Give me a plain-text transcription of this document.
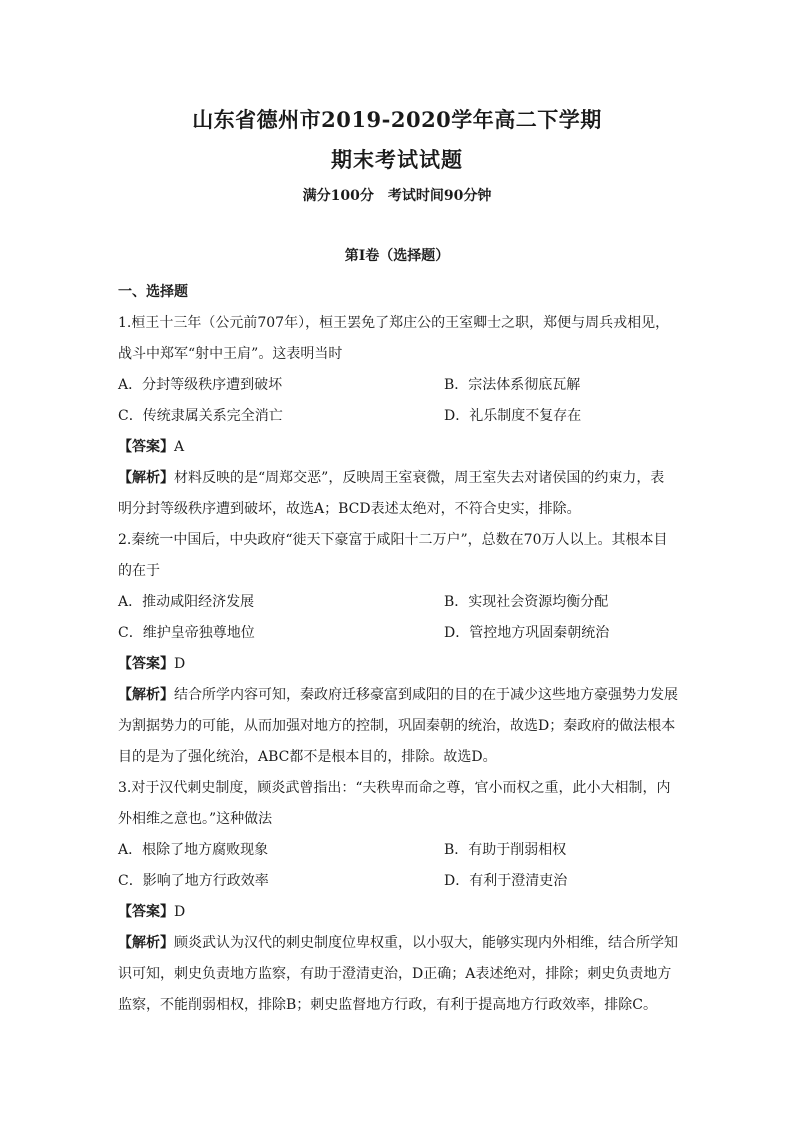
山东省德州市2019-2020学年高二下学期
期末考试试题
满分100分　考试时间90分钟
第Ⅰ卷（选择题）
一、选择题
1.桓王十三年（公元前707年），桓王罢免了郑庄公的王室卿士之职，郑便与周兵戎相见，
战斗中郑军“射中王肩”。这表明当时
A．分封等级秩序遭到破坏	B．宗法体系彻底瓦解
C．传统隶属关系完全消亡	D．礼乐制度不复存在
【答案】A
【解析】材料反映的是“周郑交恶”，反映周王室衰微，周王室失去对诸侯国的约束力，表
明分封等级秩序遭到破坏，故选A；BCD表述太绝对，不符合史实，排除。
2.秦统一中国后，中央政府“徙天下豪富于咸阳十二万户”，总数在70万人以上。其根本目
的在于
A．推动咸阳经济发展	B．实现社会资源均衡分配
C．维护皇帝独尊地位	D．管控地方巩固秦朝统治
【答案】D
【解析】结合所学内容可知，秦政府迁移豪富到咸阳的目的在于减少这些地方豪强势力发展
为割据势力的可能，从而加强对地方的控制，巩固秦朝的统治，故选D；秦政府的做法根本
目的是为了强化统治，ABC都不是根本目的，排除。故选D。
3.对于汉代刺史制度，顾炎武曾指出：“夫秩卑而命之尊，官小而权之重，此小大相制，内
外相维之意也。”这种做法
A．根除了地方腐败现象	B．有助于削弱相权
C．影响了地方行政效率	D．有利于澄清吏治
【答案】D
【解析】顾炎武认为汉代的刺史制度位卑权重，以小驭大，能够实现内外相维，结合所学知
识可知，刺史负责地方监察，有助于澄清吏治，D正确；A表述绝对，排除；刺史负责地方
监察，不能削弱相权，排除B；刺史监督地方行政，有利于提高地方行政效率，排除C。
